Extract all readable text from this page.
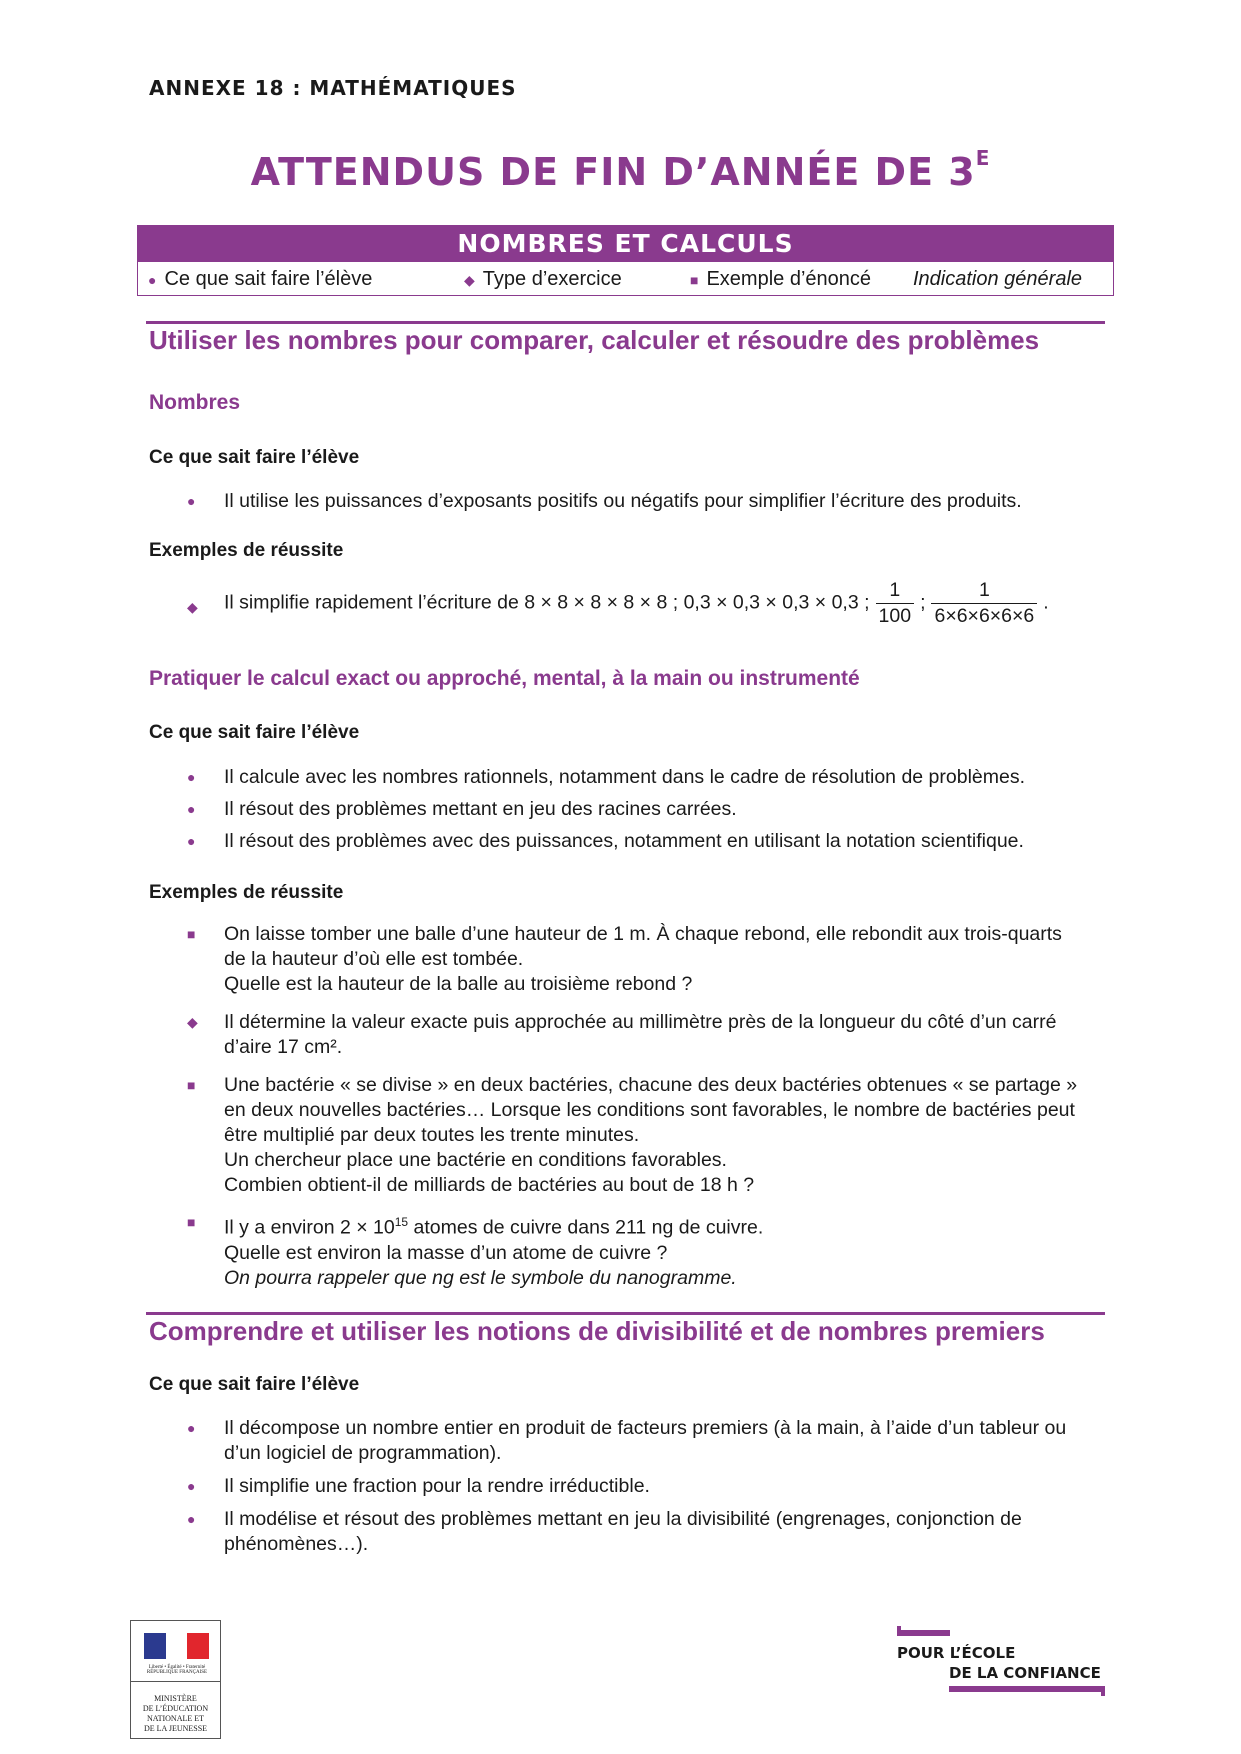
ANNEXE 18 : MATHÉMATIQUES
ATTENDUS DE FIN D’ANNÉE DE $3^E$
NOMBRES ET CALCULS
● Ce que sait faire l’élève	◆ Type d’exercice	■ Exemple d’énoncé Indication générale
Utiliser les nombres pour comparer, calculer et résoudre des problèmes
Nombres
Ce que sait faire l’élève
● Il utilise les puissances d’exposants positifs ou négatifs pour simplifier l’écriture des produits.
Exemples de réussite
◆ Il simplifie rapidement l’écriture de 8 × 8 × 8 × 8 × 8 ; 0,3 × 0,3 × 0,3 × 0,3 ; $\frac{1}{100}$ ; $\frac{1}{6\times 6\times 6\times 6\times 6}$ .
Pratiquer le calcul exact ou approché, mental, à la main ou instrumenté
Ce que sait faire l’élève
● Il calcule avec les nombres rationnels, notamment dans le cadre de résolution de problèmes.
● Il résout des problèmes mettant en jeu des racines carrées.
● Il résout des problèmes avec des puissances, notamment en utilisant la notation scientifique.
Exemples de réussite
■ On laisse tomber une balle d’une hauteur de 1 m. À chaque rebond, elle rebondit aux trois-quarts de la hauteur d’où elle est tombée.
Quelle est la hauteur de la balle au troisième rebond ?
◆ Il détermine la valeur exacte puis approchée au millimètre près de la longueur du côté d’un carré d’aire 17 cm².
■ Une bactérie « se divise » en deux bactéries, chacune des deux bactéries obtenues « se partage » en deux nouvelles bactéries… Lorsque les conditions sont favorables, le nombre de bactéries peut être multiplié par deux toutes les trente minutes.
Un chercheur place une bactérie en conditions favorables.
Combien obtient-il de milliards de bactéries au bout de 18 h ?
■ Il y a environ $2 \times 10^{15}$ atomes de cuivre dans 211 ng de cuivre.
Quelle est environ la masse d’un atome de cuivre ?
On pourra rappeler que ng est le symbole du nanogramme.
Comprendre et utiliser les notions de divisibilité et de nombres premiers
Ce que sait faire l’élève
● Il décompose un nombre entier en produit de facteurs premiers (à la main, à l’aide d’un tableur ou d’un logiciel de programmation).
● Il simplifie une fraction pour la rendre irréductible.
● Il modélise et résout des problèmes mettant en jeu la divisibilité (engrenages, conjonction de phénomènes…).
Liberté • Égalité • Fraternité
RÉPUBLIQUE FRANÇAISE
MINISTÈRE
DE L’ÉDUCATION
NATIONALE ET
DE LA JEUNESSE
POUR L’ÉCOLE
DE LA CONFIANCE
